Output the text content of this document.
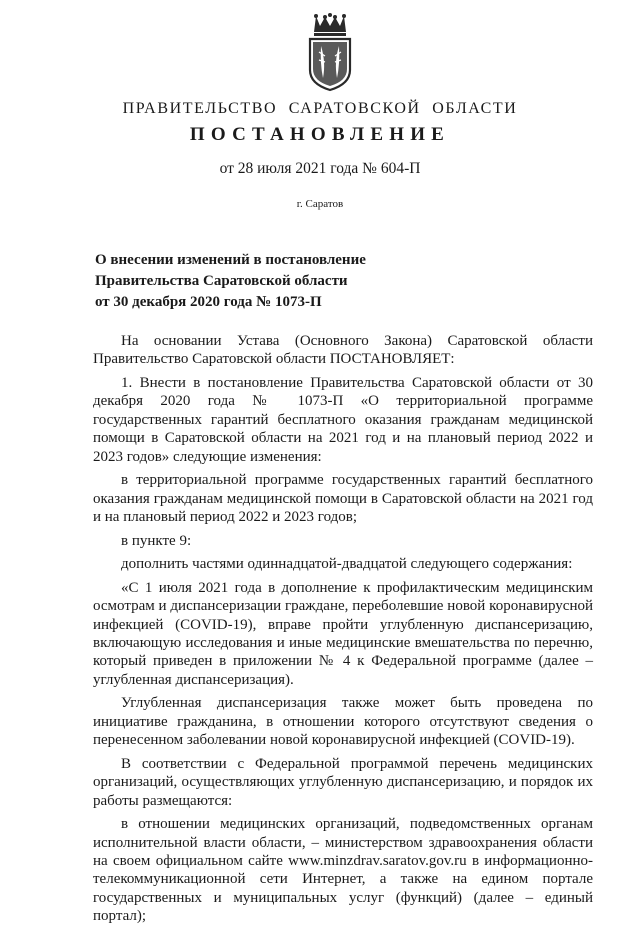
ПРАВИТЕЛЬСТВО САРАТОВСКОЙ ОБЛАСТИ
ПОСТАНОВЛЕНИЕ
от 28 июля 2021 года № 604-П
г. Саратов
О внесении изменений в постановление
Правительства Саратовской области
от 30 декабря 2020 года № 1073-П

На основании Устава (Основного Закона) Саратовской области Правительство Саратовской области ПОСТАНОВЛЯЕТ:

1. Внести в постановление Правительства Саратовской области от 30 декабря 2020 года № 1073-П «О территориальной программе государственных гарантий бесплатного оказания гражданам медицинской помощи в Саратовской области на 2021 год и на плановый период 2022 и 2023 годов» следующие изменения:

в территориальной программе государственных гарантий бесплатного оказания гражданам медицинской помощи в Саратовской области на 2021 год и на плановый период 2022 и 2023 годов;

в пункте 9:

дополнить частями одиннадцатой-двадцатой следующего содержания:

«С 1 июля 2021 года в дополнение к профилактическим медицинским осмотрам и диспансеризации граждане, переболевшие новой коронавирусной инфекцией (COVID-19), вправе пройти углубленную диспансеризацию, включающую исследования и иные медицинские вмешательства по перечню, который приведен в приложении № 4 к Федеральной программе (далее – углубленная диспансеризация).

Углубленная диспансеризация также может быть проведена по инициативе гражданина, в отношении которого отсутствуют сведения о перенесенном заболевании новой коронавирусной инфекцией (COVID-19).

В соответствии с Федеральной программой перечень медицинских организаций, осуществляющих углубленную диспансеризацию, и порядок их работы размещаются:

в отношении медицинских организаций, подведомственных органам исполнительной власти области, – министерством здравоохранения области на своем официальном сайте www.minzdrav.saratov.gov.ru в информационно-телекоммуникационной сети Интернет, а также на едином портале государственных и муниципальных услуг (функций) (далее – единый портал);
